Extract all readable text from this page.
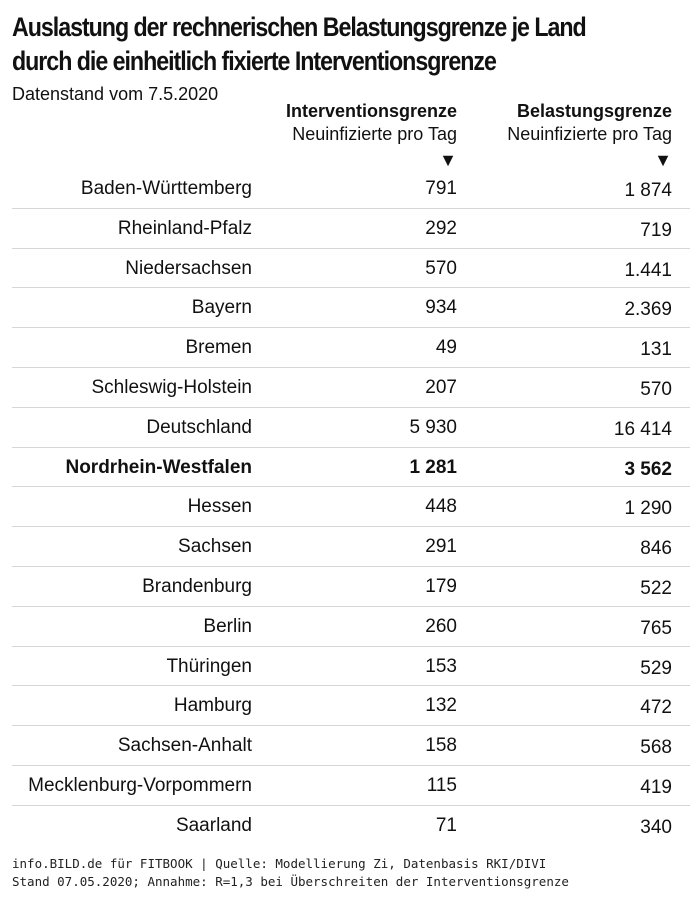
Auslastung der rechnerischen Belastungsgrenze je Land
durch die einheitlich fixierte Interventionsgrenze
Datenstand vom 7.5.2020
Interventionsgrenze
Neuinfizierte pro Tag
▼
Belastungsgrenze
Neuinfizierte pro Tag
▼
Baden-Württemberg	791	1 874
Rheinland-Pfalz	292	719
Niedersachsen	570	1.441
Bayern	934	2.369
Bremen	49	131
Schleswig-Holstein	207	570
Deutschland	5 930	16 414
Nordrhein-Westfalen	1 281	3 562
Hessen	448	1 290
Sachsen	291	846
Brandenburg	179	522
Berlin	260	765
Thüringen	153	529
Hamburg	132	472
Sachsen-Anhalt	158	568
Mecklenburg-Vorpommern	115	419
Saarland	71	340
info.BILD.de für FITBOOK | Quelle: Modellierung Zi, Datenbasis RKI/DIVI
Stand 07.05.2020; Annahme: R=1,3 bei Überschreiten der Interventionsgrenze
